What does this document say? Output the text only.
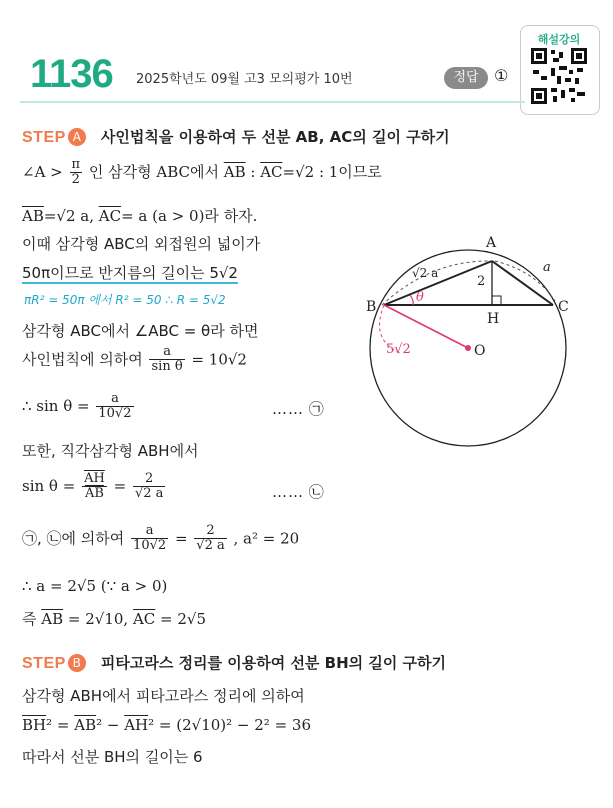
1136 2025학년도 09월 고3 모의평가 10번	정답 ①
해설강의
STEP A 사인법칙을 이용하여 두 선분 AB, AC의 길이 구하기
∠A > $\frac{\pi}{2}$ 인 삼각형 ABC에서 $\overline{AB}$ : $\overline{AC}=√2$ : 1이므로
$\overline{AB}=√2$ a, $\overline{AC}= a$ (a > 0)라 하자.
이때 삼각형 ABC의 외접원의 넓이가
50π이므로 반지름의 길이는 5√2
πR² = 50π 에서 R² = 50 ∴ R = 5√2
삼각형 ABC에서 ∠ABC = θ라 하면
사인법칙에 의하여 $\frac{a}{\text{sin θ}} = 10√2$
∴ $\sin \theta = \frac{a}{10√2}$	…… ㉠
또한, 직각삼각형 ABH에서
$\sin \theta = \frac{\overline{AH}}{AB} = \frac{2}{√2 a}$	…… ㉡
㉠, ㉡에 의하여 $\frac{a}{10√2} = \frac{2}{√2 a}$ , a² = 20
∴ a = 2√5 (∵ a > 0)
즉 $\overline{AB} = 2√10$, $\overline{AC} = 2√5$
STEP B 피타고라스 정리를 이용하여 선분 BH의 길이 구하기
삼각형 ABH에서 피타고라스 정리에 의하여
$\overline{BH}^2 = \overline{AB}^2 - \overline{AH}^2 = (2√10)^2 - 2^2 = 36$
따라서 선분 BH의 길이는 6
A
B	C
H
O
√2 a
2
a
θ
5√2
